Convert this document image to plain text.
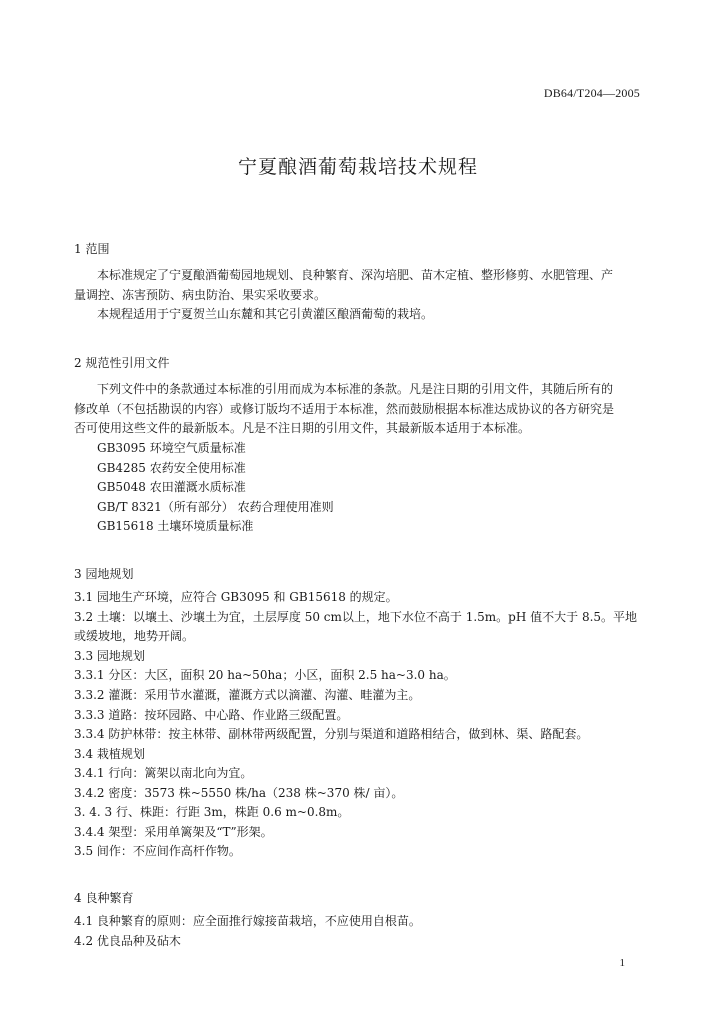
DB64/T204—2005
宁夏酿酒葡萄栽培技术规程
1 范围
本标准规定了宁夏酿酒葡萄园地规划、良种繁育、深沟培肥、苗木定植、整形修剪、水肥管理、产
量调控、冻害预防、病虫防治、果实采收要求。
本规程适用于宁夏贺兰山东麓和其它引黄灌区酿酒葡萄的栽培。
2 规范性引用文件
下列文件中的条款通过本标准的引用而成为本标准的条款。凡是注日期的引用文件，其随后所有的
修改单（不包括勘误的内容）或修订版均不适用于本标准，然而鼓励根据本标准达成协议的各方研究是
否可使用这些文件的最新版本。凡是不注日期的引用文件，其最新版本适用于本标准。
GB3095 环境空气质量标准
GB4285 农药安全使用标准
GB5048 农田灌溉水质标准
GB/T 8321（所有部分） 农药合理使用准则
GB15618 土壤环境质量标准
3 园地规划
3.1 园地生产环境，应符合 GB3095 和 GB15618 的规定。
3.2 土壤：以壤土、沙壤土为宜，土层厚度 50 cm以上，地下水位不高于 1.5m。pH 值不大于 8.5。平地
或缓坡地，地势开阔。
3.3 园地规划
3.3.1 分区：大区，面积 20 ha~50ha；小区，面积 2.5 ha~3.0 ha。
3.3.2 灌溉：采用节水灌溉，灌溉方式以滴灌、沟灌、畦灌为主。
3.3.3 道路：按环园路、中心路、作业路三级配置。
3.3.4 防护林带：按主林带、副林带两级配置，分别与渠道和道路相结合，做到林、渠、路配套。
3.4 栽植规划
3.4.1 行向：篱架以南北向为宜。
3.4.2 密度：3573 株~5550 株/ha（238 株~370 株/ 亩）。
3. 4. 3 行、株距：行距 3m，株距 0.6 m~0.8m。
3.4.4 架型：采用单篱架及“T”形架。
3.5 间作：不应间作高杆作物。
4 良种繁育
4.1 良种繁育的原则：应全面推行嫁接苗栽培，不应使用自根苗。
4.2 优良品种及砧木
1
